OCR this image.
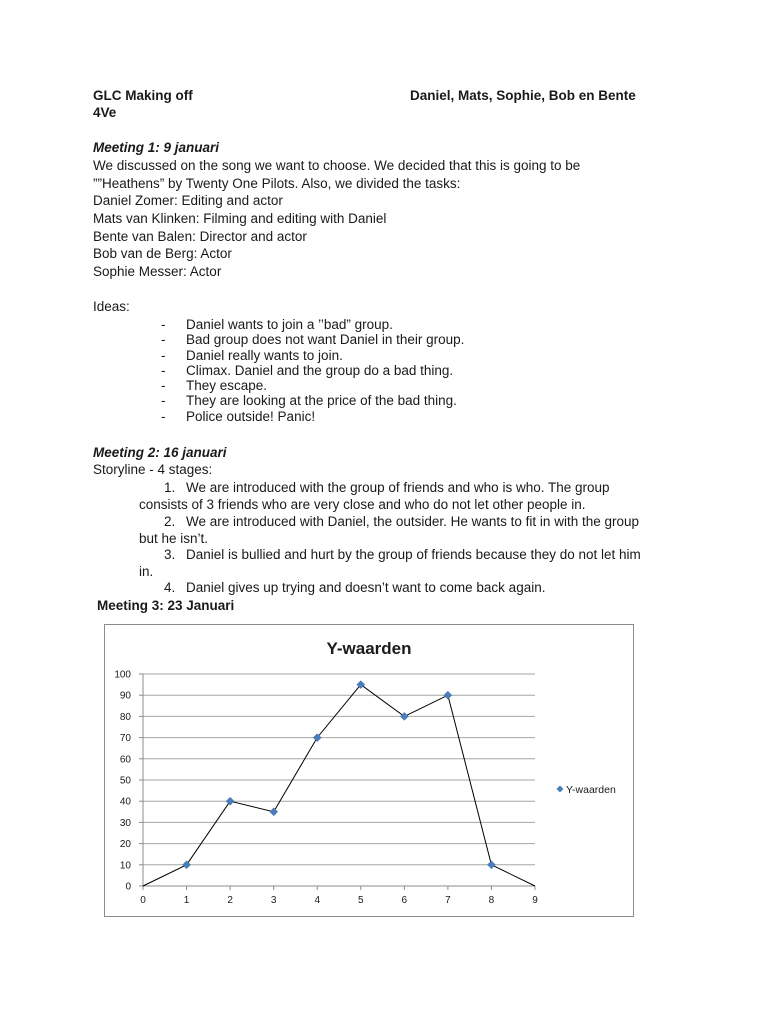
GLC Making off	Daniel, Mats, Sophie, Bob en Bente
4Ve
Meeting 1: 9 januari
We discussed on the song we want to choose. We decided that this is going to be
””Heathens” by Twenty One Pilots. Also, we divided the tasks:
Daniel Zomer: Editing and actor
Mats van Klinken: Filming and editing with Daniel
Bente van Balen: Director and actor
Bob van de Berg: Actor
Sophie Messer: Actor
Ideas:
- Daniel wants to join a ’’bad” group.
- Bad group does not want Daniel in their group.
- Daniel really wants to join.
- Climax. Daniel and the group do a bad thing.
- They escape.
- They are looking at the price of the bad thing.
- Police outside! Panic!
Meeting 2: 16 januari
Storyline - 4 stages:
1. We are introduced with the group of friends and who is who. The group
consists of 3 friends who are very close and who do not let other people in.
2. We are introduced with Daniel, the outsider. He wants to fit in with the group
but he isn’t.
3. Daniel is bullied and hurt by the group of friends because they do not let him
in.
4. Daniel gives up trying and doesn’t want to come back again.
Meeting 3: 23 Januari
0
10
20
30
40
50
60
70
80
90
100
0	1	2	3	4	5	6	7	8	9
Y-waarden
Y-waarden
